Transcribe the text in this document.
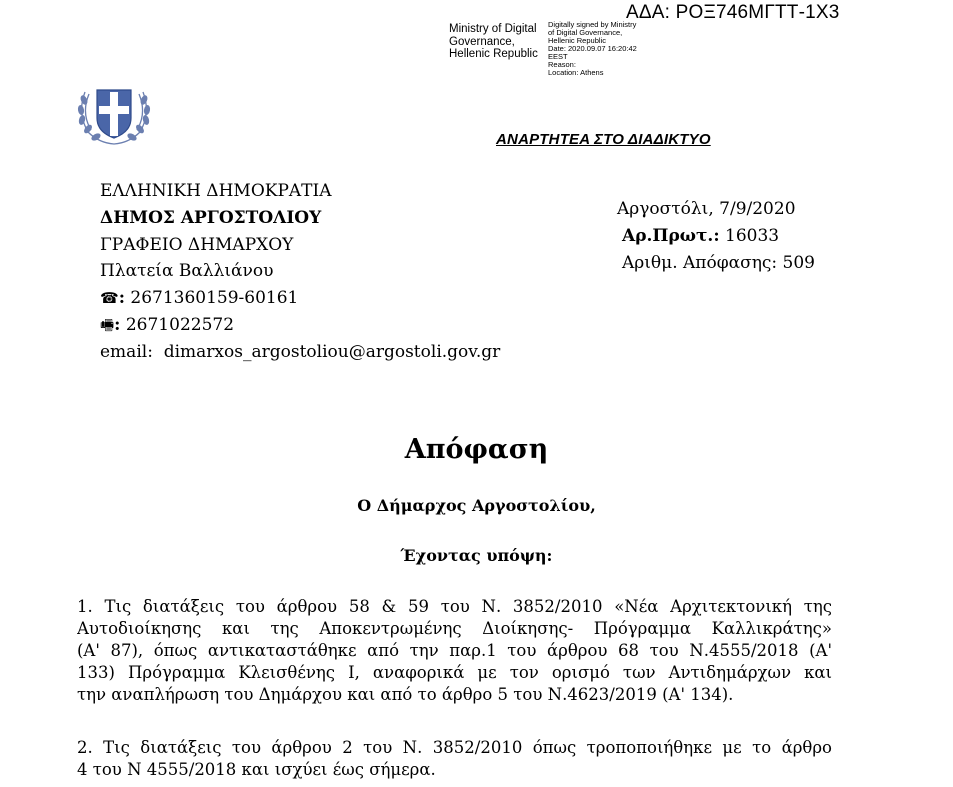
ΑΔΑ: ΡΟΞ746ΜΓΤΤ-1Χ3
Ministry of Digital Governance, Hellenic Republic
Digitally signed by Ministry
of Digital Governance,
Hellenic Republic
Date: 2020.09.07 16:20:42
EEST
Reason:
Location: Athens
ΑΝΑΡΤΗΤΕΑ ΣΤΟ ΔΙΑΔΙΚΤΥΟ
ΕΛΛΗΝΙΚΗ ΔΗΜΟΚΡΑΤΙΑ
ΔΗΜΟΣ ΑΡΓΟΣΤΟΛΙΟΥ
ΓΡΑΦΕΙΟ ΔΗΜΑΡΧΟΥ
Πλατεία Βαλλιάνου
☎: 2671360159-60161
🖷: 2671022572
email: dimarxos_argostoliou@argostoli.gov.gr
Αργοστόλι, 7/9/2020
Αρ.Πρωτ.: 16033
Αριθμ. Απόφασης: 509
Απόφαση
Ο Δήμαρχος Αργοστολίου,
Έχοντας υπόψη:
1. Τις διατάξεις του άρθρου 58 & 59 του Ν. 3852/2010 «Νέα Αρχιτεκτονική της
Αυτοδιοίκησης και της Αποκεντρωμένης Διοίκησης- Πρόγραμμα Καλλικράτης»
(Α' 87), όπως αντικαταστάθηκε από την παρ.1 του άρθρου 68 του Ν.4555/2018 (Α'
133) Πρόγραμμα Κλεισθένης Ι, αναφορικά με τον ορισμό των Αντιδημάρχων και
την αναπλήρωση του Δημάρχου και από το άρθρο 5 του Ν.4623/2019 (Α' 134).
2. Τις διατάξεις του άρθρου 2 του Ν. 3852/2010 όπως τροποποιήθηκε με το άρθρο
4 του Ν 4555/2018 και ισχύει έως σήμερα.
